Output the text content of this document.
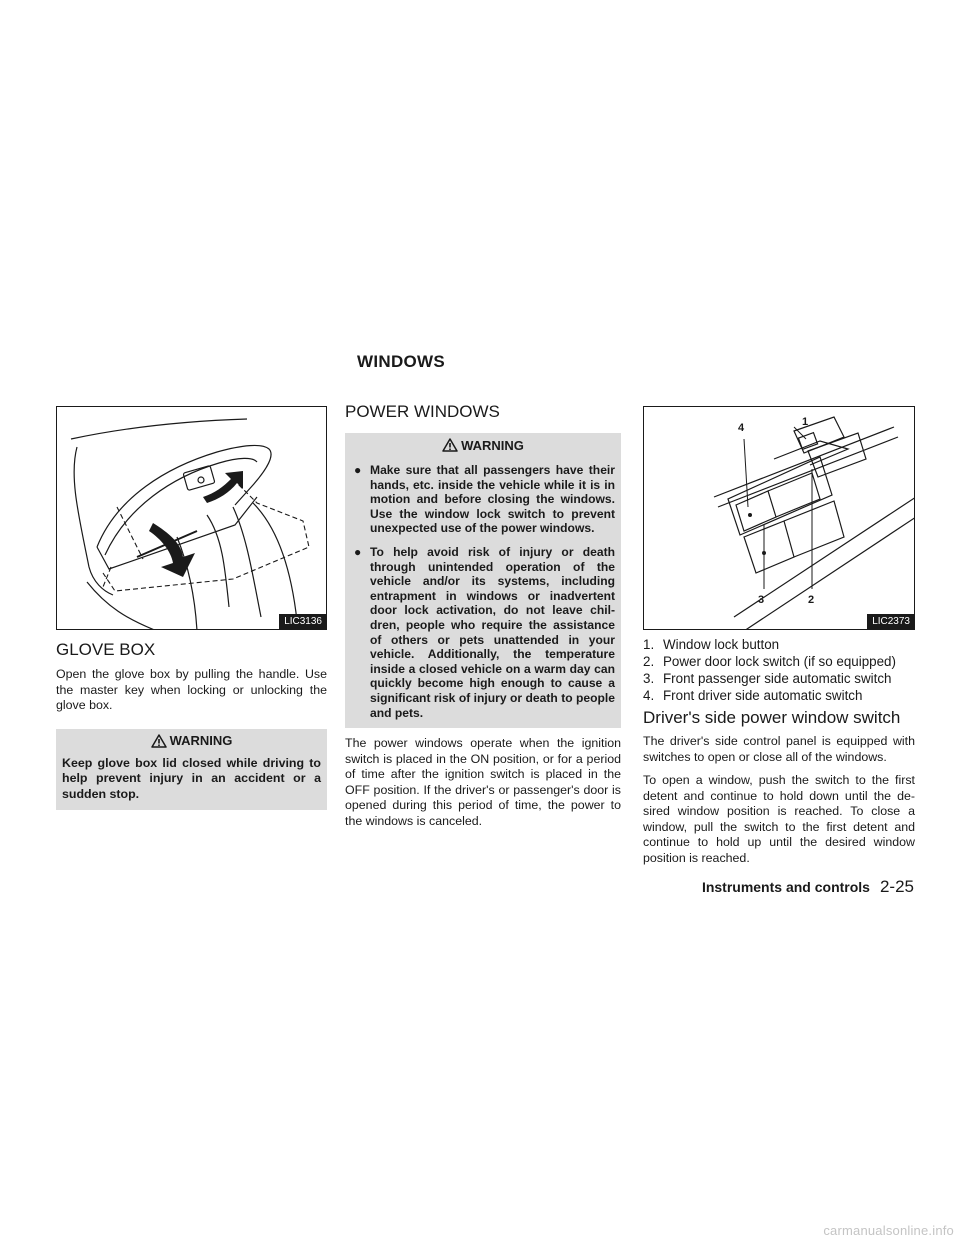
WINDOWS
LIC3136
GLOVE BOX

Open the glove box by pulling the handle. Use the master key when locking or unlocking the glove box.

WARNING

Keep glove box lid closed while driving to help prevent injury in an accident or a sudden stop.

POWER WINDOWS
WARNING
● Make sure that all passengers have their hands, etc. inside the vehicle while it is in motion and before closing the windows. Use the window lock switch to prevent unexpected use of the power windows.
● To help avoid risk of injury or death through unintended operation of the vehicle and/or its systems, including entrapment in windows or inadvertent door lock activation, do not leave chil-dren, people who require the assistance of others or pets unattended in your vehicle. Additionally, the temperature inside a closed vehicle on a warm day can quickly become high enough to cause a significant risk of injury or death to people and pets.

The power windows operate when the ignition switch is placed in the ON position, or for a period of time after the ignition switch is placed in the OFF position. If the driver's or passenger's door is opened during this period of time, the power to the windows is canceled.

4	1
3	2
LIC2373
1. Window lock button
2. Power door lock switch (if so equipped)
3. Front passenger side automatic switch
4. Front driver side automatic switch
Driver's side power window switch

The driver's side control panel is equipped with switches to open or close all of the windows.

To open a window, push the switch to the first detent and continue to hold down until the de-sired window position is reached. To close a window, pull the switch to the first detent and continue to hold up until the desired window position is reached.

Instruments and controls 2-25
carmanualsonline.info
